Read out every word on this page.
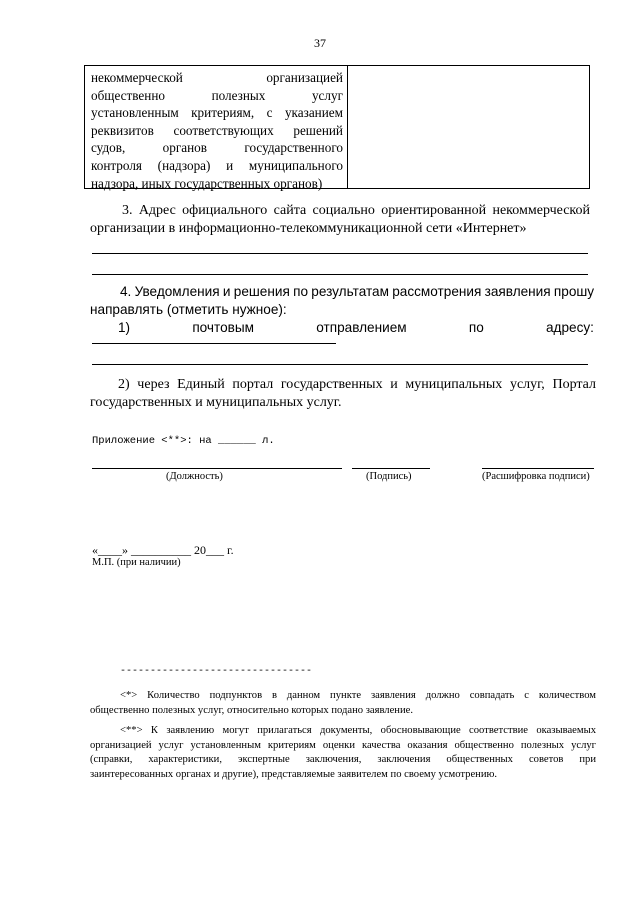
37
некоммерческой организацией
общественно полезных услуг
установленным критериям, с указанием
реквизитов соответствующих решений
судов, органов государственного
контроля (надзора) и муниципального
надзора, иных государственных органов)
3. Адрес официального сайта социально ориентированной некоммерческой
организации в информационно-телекоммуникационной сети «Интернет»
4. Уведомления и решения по результатам рассмотрения заявления прошу
направлять (отметить нужное):
1)	почтовым	отправлением	по	адресу:
2) через Единый портал государственных и муниципальных услуг, Портал
государственных и муниципальных услуг.
Приложение <**>: на ______ л.
(Должность)	(Подпись)	(Расшифровка подписи)
«____» __________ 20___ г.
М.П. (при наличии)
--------------------------------
<*> Количество подпунктов в данном пункте заявления должно совпадать с количеством
общественно полезных услуг, относительно которых подано заявление.
<**> К заявлению могут прилагаться документы, обосновывающие соответствие оказываемых
организацией услуг установленным критериям оценки качества оказания общественно полезных услуг
(справки, характеристики, экспертные заключения, заключения общественных советов при
заинтересованных органах и другие), представляемые заявителем по своему усмотрению.
